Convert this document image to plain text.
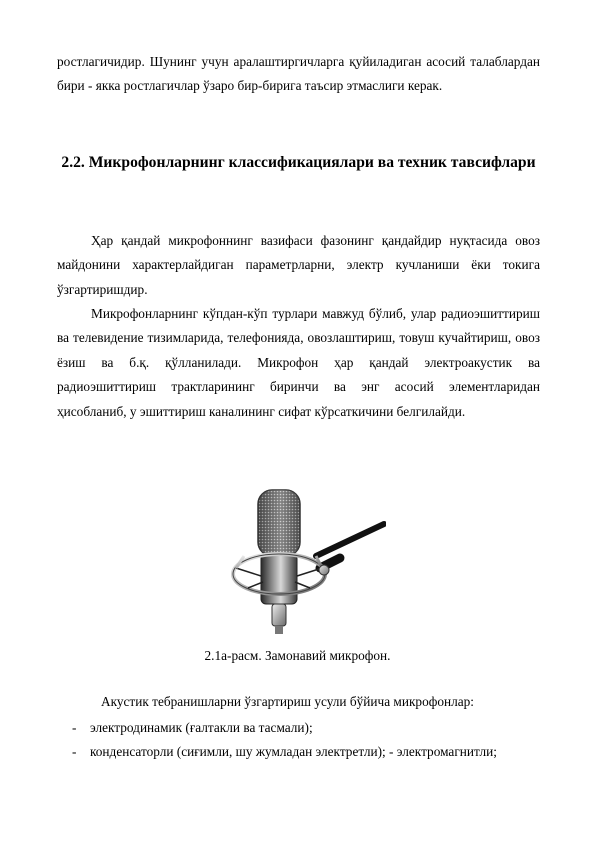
ростлагичидир. Шунинг учун аралаштиргичларга қуйиладиган асосий талаблардан бири - якка ростлагичлар ўзаро бир-бирига таъсир этмаслиги керак.

2.2. Микрофонларнинг классификациялари ва техник тавсифлари

Ҳар қандай микрофоннинг вазифаси фазонинг қандайдир нуқтасида овоз майдонини характерлайдиган параметрларни, электр кучланиши ёки токига ўзгартиришдир.

Микрофонларнинг кўпдан-кўп турлари мавжуд бўлиб, улар радиоэшиттириш ва телевидение тизимларида, телефонияда, овозлаштириш, товуш кучайтириш, овоз ёзиш ва б.қ. қўлланилади. Микрофон ҳар қандай электроакустик ва радиоэшиттириш трактларининг биринчи ва энг асосий элементларидан ҳисобланиб, у эшиттириш каналининг сифат кўрсаткичини белгилайди.

2.1а-расм. Замонавий микрофон.

Акустик тебранишларни ўзгартириш усули бўйича микрофонлар:

- электродинамик (ғалтакли ва тасмали);
- конденсаторли (сиғимли, шу жумладан электретли); - электромагнитли;
